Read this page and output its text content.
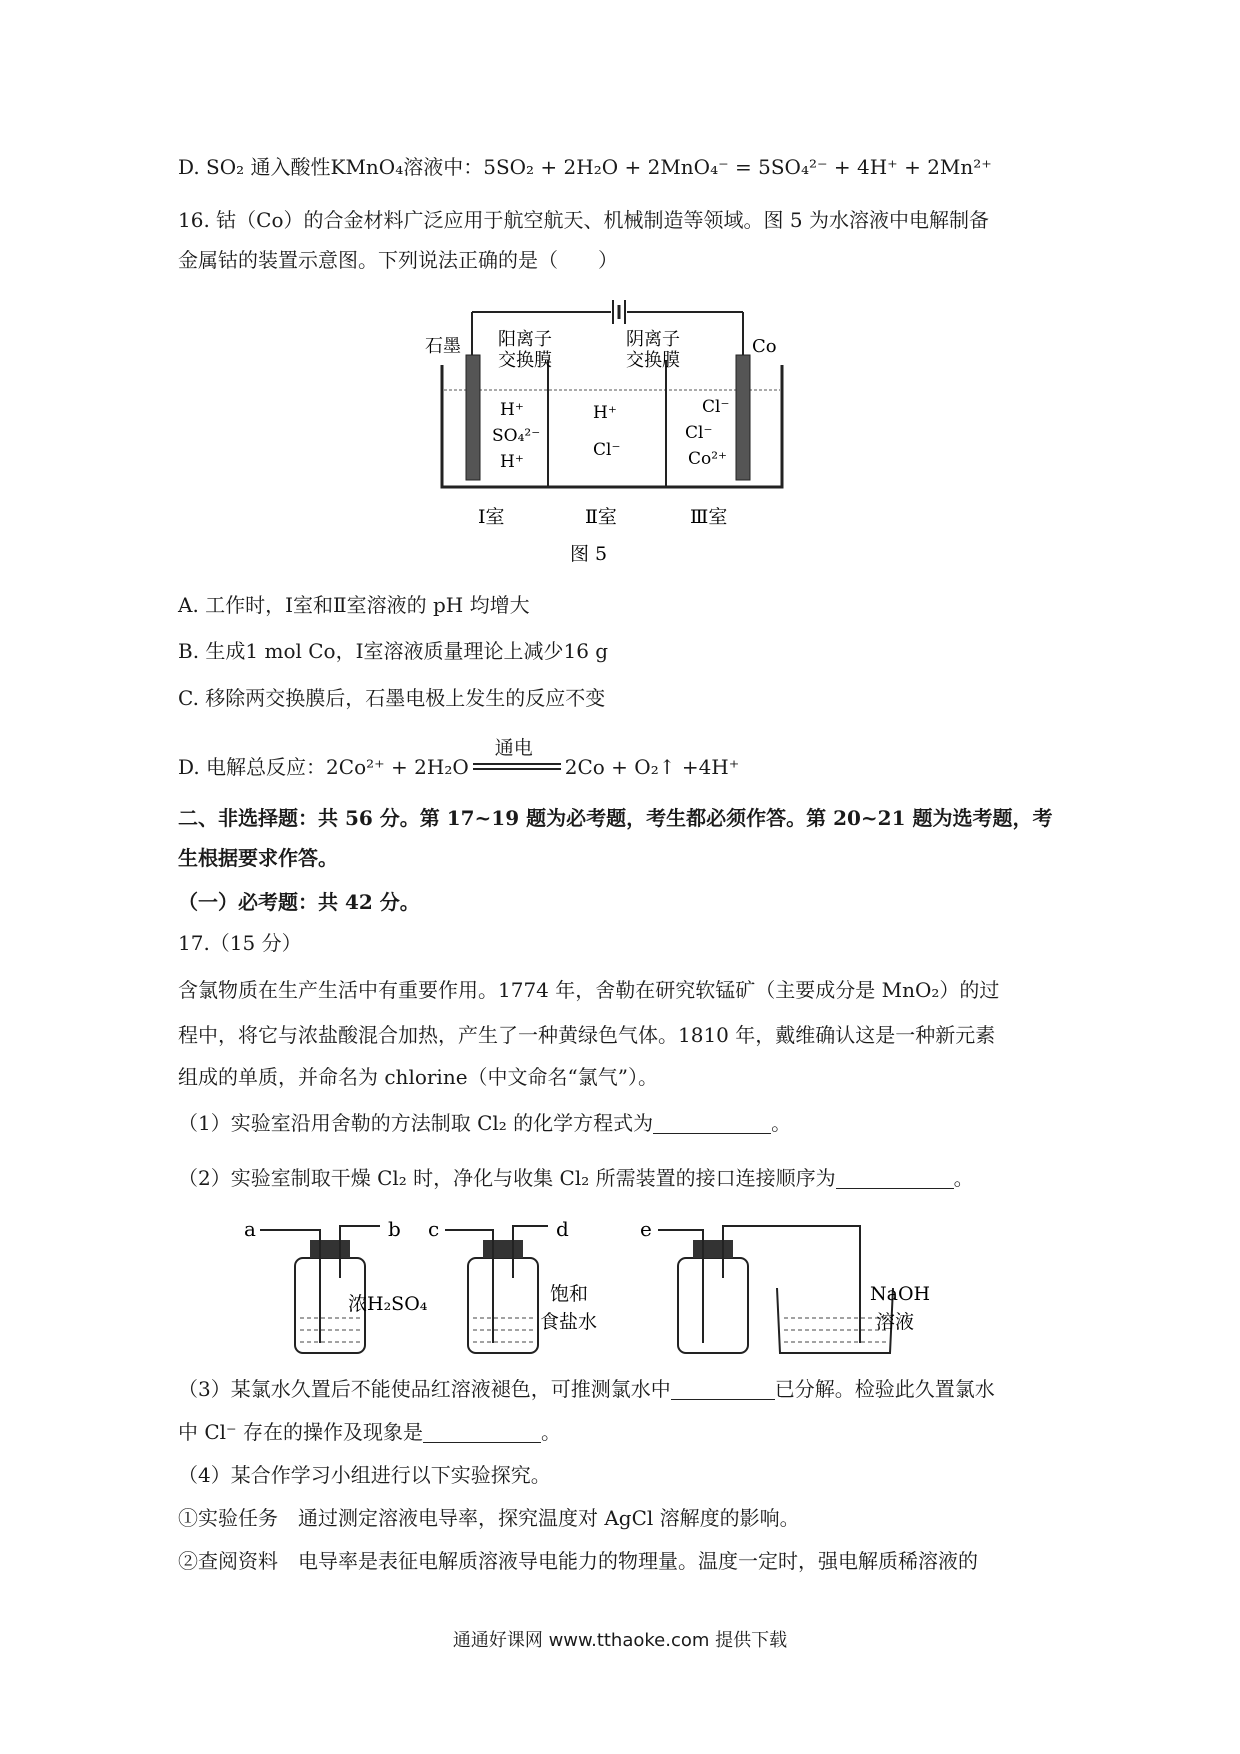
D. SO₂ 通入酸性KMnO₄溶液中：5SO₂ + 2H₂O + 2MnO₄⁻ = 5SO₄²⁻ + 4H⁺ + 2Mn²⁺
16. 钴（Co）的合金材料广泛应用于航空航天、机械制造等领域。图 5 为水溶液中电解制备
金属钴的装置示意图。下列说法正确的是（　　）
石墨	Co
阳离子
交换膜
阴离子
交换膜
H⁺
SO₄²⁻
H⁺
H⁺
Cl⁻
Cl⁻
Cl⁻
Co²⁺
Ⅰ室	Ⅱ室	Ⅲ室
图 5
A. 工作时，Ⅰ室和Ⅱ室溶液的 pH 均增大
B. 生成1 mol Co，Ⅰ室溶液质量理论上减少16 g
C. 移除两交换膜后，石墨电极上发生的反应不变
D. 电解总反应：2Co²⁺ + 2H₂O
通电
2Co + O₂↑ +4H⁺
二、非选择题：共 56 分。第 17~19 题为必考题，考生都必须作答。第 20~21 题为选考题，考
生根据要求作答。
（一）必考题：共 42 分。
17.（15 分）
含氯物质在生产生活中有重要作用。1774 年，舍勒在研究软锰矿（主要成分是 MnO₂）的过
程中，将它与浓盐酸混合加热，产生了一种黄绿色气体。1810 年，戴维确认这是一种新元素
组成的单质，并命名为 chlorine（中文命名“氯气”）。
（1）实验室沿用舍勒的方法制取 Cl₂ 的化学方程式为	。
（2）实验室制取干燥 Cl₂ 时，净化与收集 Cl₂ 所需装置的接口连接顺序为	。
a	b
浓H₂SO₄
c	d
饱和
食盐水
e
NaOH
溶液
（3）某氯水久置后不能使品红溶液褪色，可推测氯水中	已分解。检验此久置氯水
中 Cl⁻ 存在的操作及现象是	。
（4）某合作学习小组进行以下实验探究。
①实验任务　通过测定溶液电导率，探究温度对 AgCl 溶解度的影响。
②查阅资料　电导率是表征电解质溶液导电能力的物理量。温度一定时，强电解质稀溶液的
通通好课网 www.tthaoke.com 提供下载
